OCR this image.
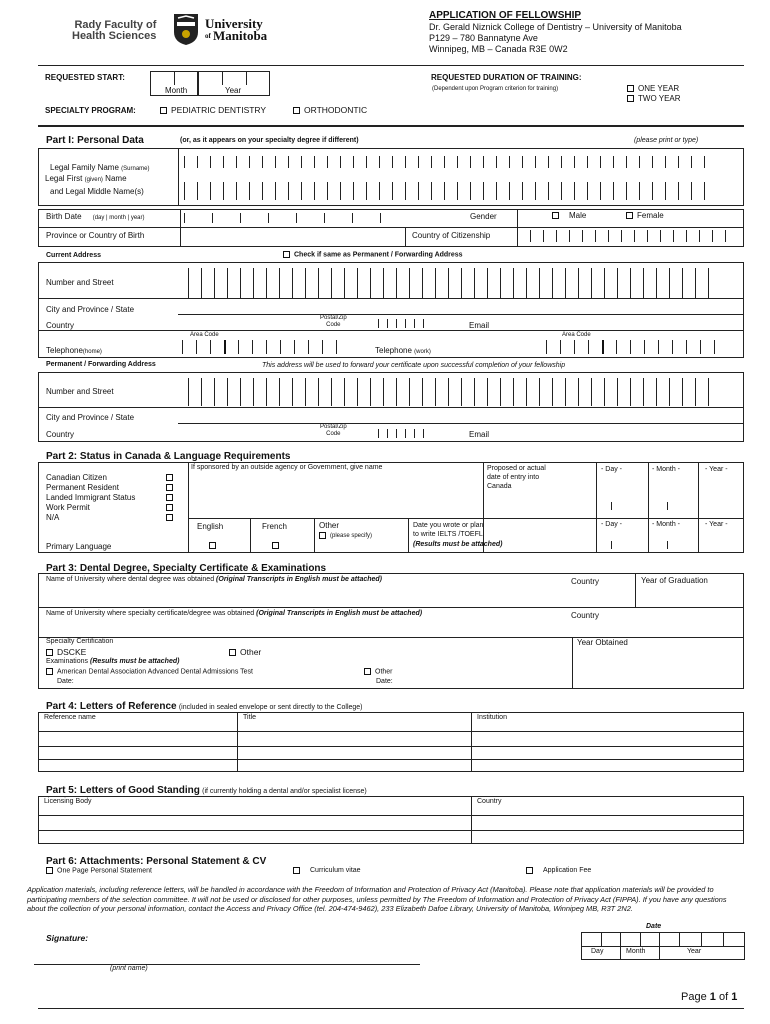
Rady Faculty of
Health Sciences
University
of Manitoba
APPLICATION OF FELLOWSHIP
Dr. Gerald Niznick College of Dentistry – University of Manitoba
P129 – 780 Bannatyne Ave
Winnipeg, MB – Canada R3E 0W2
REQUESTED START:
Month	Year
REQUESTED DURATION OF TRAINING:
(Dependent upon Program criterion for training)	ONE YEAR
TWO YEAR
SPECIALTY PROGRAM:	PEDIATRIC DENTISTRY	ORTHODONTIC
Part I: Personal Data	(or, as it appears on your specialty degree if different)	(please print or type)
Legal Family Name (Surname)
Legal First (given) Name
and Legal Middle Name(s)
Birth Date (day | month | year)	Gender	Male	Female
Province or Country of Birth	Country of Citizenship
Current Address	Check if same as Permanent / Forwarding Address
Number and Street
City and Province / State
Country
Postal/Zip
Code	Email
Area Code	Area Code
Telephone(home)	Telephone (work)
Permanent / Forwarding Address	This address will be used to forward your certificate upon successful completion of your fellowship
Number and Street
City and Province / State
Country
Postal/Zip
Code	Email
Part 2: Status in Canada & Language Requirements
If sponsored by an outside agency or Government, give name	Proposed or actual
date of entry into
Canada
- Day -	- Month -	- Year -
- Day -	- Month -	- Year -
Canadian Citizen
Permanent Resident
Landed Immigrant Status
Work Permit
N/A
English	French	Other
(please specify)
Primary Language
Date you wrote or plan
to write IELTS /TOEFL
(Results must be attached)
Part 3: Dental Degree, Specialty Certificate & Examinations
Name of University where dental degree was obtained (Original Transcripts in English must be attached)	Country	Year of Graduation
Name of University where specialty certificate/degree was obtained (Original Transcripts in English must be attached)	Country
Specialty Certification
DSCKE	Other
Year Obtained
Examinations (Results must be attached)
American Dental Association Advanced Dental Admissions Test
Date:
Other
Date:
Part 4: Letters of Reference (included in sealed envelope or sent directly to the College)
Reference name	Title	Institution
Part 5: Letters of Good Standing (if currently holding a dental and/or specialist license)
Licensing Body	Country
Part 6: Attachments: Personal Statement & CV
One Page Personal Statement	Curriculum vitae	Application Fee
Application materials, including reference letters, will be handled in accordance with the Freedom of Information and Protection of Privacy Act (Manitoba). Please note that application materials will be provided to participating members of the selection committee. It will not be used or disclosed for other purposes, unless permitted by The Freedom of Information and Protection of Privacy Act (FIPPA). If you have any questions about the collection of your personal information, contact the Access and Privacy Office (tel. 204-474-9462), 233 Elizabeth Dafoe Library, University of Manitoba, Winnipeg MB, R3T 2N2.
Signature:
(print name)
Date
Day	Month	Year
Page 1 of 1
